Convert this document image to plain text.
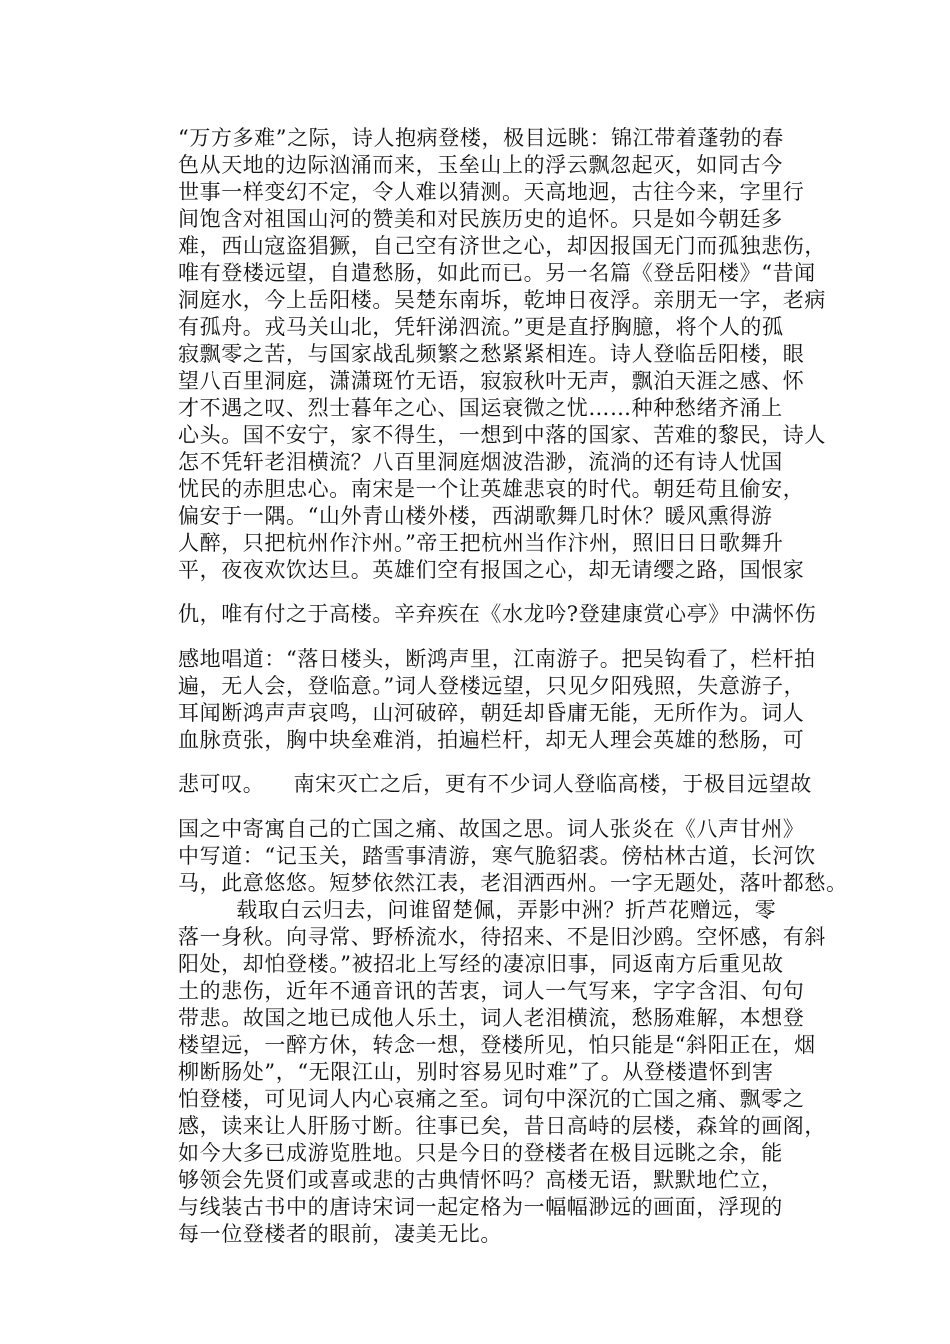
“万方多难”之际，诗人抱病登楼，极目远眺：锦江带着蓬勃的春
色从天地的边际汹涌而来，玉垒山上的浮云飘忽起灭，如同古今
世事一样变幻不定，令人难以猜测。天高地迥，古往今来，字里行
间饱含对祖国山河的赞美和对民族历史的追怀。只是如今朝廷多
难，西山寇盗猖獗，自己空有济世之心，却因报国无门而孤独悲伤，
唯有登楼远望，自遣愁肠，如此而已。另一名篇《登岳阳楼》“昔闻
洞庭水，今上岳阳楼。吴楚东南坼，乾坤日夜浮。亲朋无一字，老病
有孤舟。戎马关山北，凭轩涕泗流。”更是直抒胸臆，将个人的孤
寂飘零之苦，与国家战乱频繁之愁紧紧相连。诗人登临岳阳楼，眼
望八百里洞庭，潇潇斑竹无语，寂寂秋叶无声，飘泊天涯之感、怀
才不遇之叹、烈士暮年之心、国运衰微之忧……种种愁绪齐涌上
心头。国不安宁，家不得生，一想到中落的国家、苦难的黎民，诗人
怎不凭轩老泪横流？八百里洞庭烟波浩渺，流淌的还有诗人忧国
忧民的赤胆忠心。南宋是一个让英雄悲哀的时代。朝廷苟且偷安，
偏安于一隅。“山外青山楼外楼，西湖歌舞几时休？暖风熏得游
人醉，只把杭州作汴州。”帝王把杭州当作汴州，照旧日日歌舞升
平，夜夜欢饮达旦。英雄们空有报国之心，却无请缨之路，国恨家
仇，唯有付之于高楼。辛弃疾在《水龙吟?登建康赏心亭》中满怀伤
感地唱道：“落日楼头，断鸿声里，江南游子。把吴钩看了，栏杆拍
遍，无人会，登临意。”词人登楼远望，只见夕阳残照，失意游子，
耳闻断鸿声声哀鸣，山河破碎，朝廷却昏庸无能，无所作为。词人
血脉贲张，胸中块垒难消，拍遍栏杆，却无人理会英雄的愁肠，可
悲可叹。    南宋灭亡之后，更有不少词人登临高楼，于极目远望故
国之中寄寓自己的亡国之痛、故国之思。词人张炎在《八声甘州》
中写道：“记玉关，踏雪事清游，寒气脆貂裘。傍枯林古道，长河饮
马，此意悠悠。短梦依然江表，老泪洒西州。一字无题处，落叶都愁。
载取白云归去，问谁留楚佩，弄影中洲？折芦花赠远，零
落一身秋。向寻常、野桥流水，待招来、不是旧沙鸥。空怀感，有斜
阳处，却怕登楼。”被招北上写经的凄凉旧事，同返南方后重见故
土的悲伤，近年不通音讯的苦衷，词人一气写来，字字含泪、句句
带悲。故国之地已成他人乐土，词人老泪横流，愁肠难解，本想登
楼望远，一醉方休，转念一想，登楼所见，怕只能是“斜阳正在，烟
柳断肠处”，“无限江山，别时容易见时难”了。从登楼遣怀到害
怕登楼，可见词人内心哀痛之至。词句中深沉的亡国之痛、飘零之
感，读来让人肝肠寸断。往事已矣，昔日高峙的层楼，森耸的画阁，
如今大多已成游览胜地。只是今日的登楼者在极目远眺之余，能
够领会先贤们或喜或悲的古典情怀吗？高楼无语，默默地伫立，
与线装古书中的唐诗宋词一起定格为一幅幅渺远的画面，浮现的
每一位登楼者的眼前，凄美无比。
